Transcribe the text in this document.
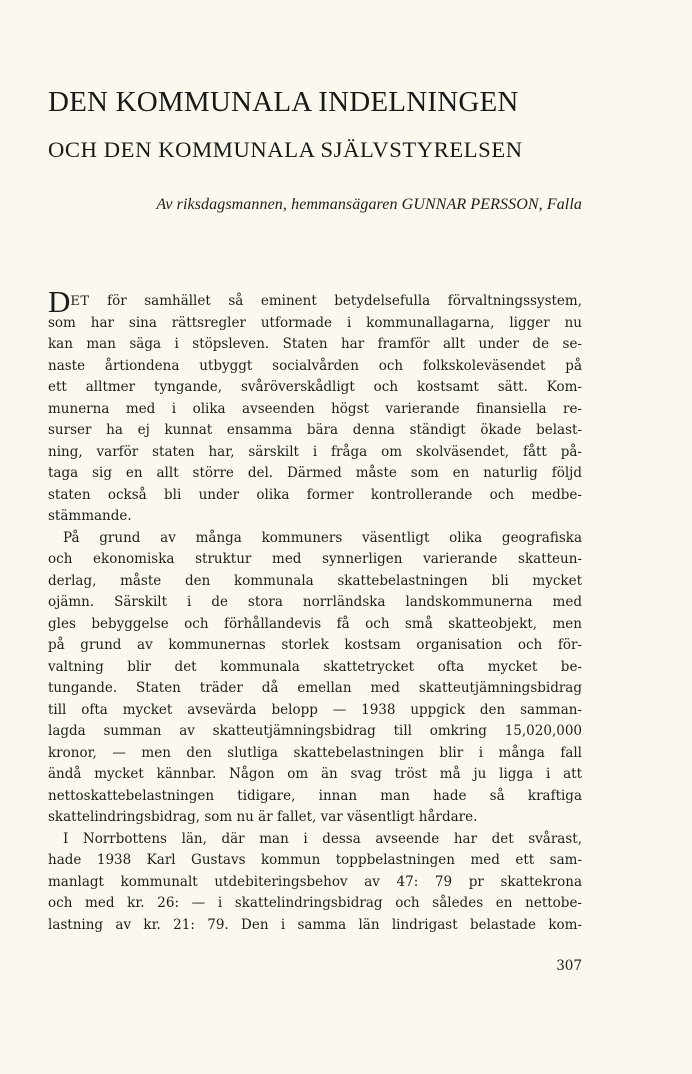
DEN KOMMUNALA INDELNINGEN
OCH DEN KOMMUNALA SJÄLVSTYRELSEN
Av riksdagsmannen, hemmansägaren GUNNAR PERSSON, Falla
DET för samhället så eminent betydelsefulla förvaltningssystem,
som har sina rättsregler utformade i kommunallagarna, ligger nu
kan man säga i stöpsleven. Staten har framför allt under de se-
naste årtiondena utbyggt socialvården och folkskoleväsendet på
ett alltmer tyngande, svåröverskådligt och kostsamt sätt. Kom-
munerna med i olika avseenden högst varierande finansiella re-
surser ha ej kunnat ensamma bära denna ständigt ökade belast-
ning, varför staten har, särskilt i fråga om skolväsendet, fått på-
taga sig en allt större del. Därmed måste som en naturlig följd
staten också bli under olika former kontrollerande och medbe-
stämmande.
På grund av många kommuners väsentligt olika geografiska
och ekonomiska struktur med synnerligen varierande skatteun-
derlag, måste den kommunala skattebelastningen bli mycket
ojämn. Särskilt i de stora norrländska landskommunerna med
gles bebyggelse och förhållandevis få och små skatteobjekt, men
på grund av kommunernas storlek kostsam organisation och för-
valtning blir det kommunala skattetrycket ofta mycket be-
tungande. Staten träder då emellan med skatteutjämningsbidrag
till ofta mycket avsevärda belopp — 1938 uppgick den samman-
lagda summan av skatteutjämningsbidrag till omkring 15,020,000
kronor, — men den slutliga skattebelastningen blir i många fall
ändå mycket kännbar. Någon om än svag tröst må ju ligga i att
nettoskattebelastningen tidigare, innan man hade så kraftiga
skattelindringsbidrag, som nu är fallet, var väsentligt hårdare.
I Norrbottens län, där man i dessa avseende har det svårast,
hade 1938 Karl Gustavs kommun toppbelastningen med ett sam-
manlagt kommunalt utdebiteringsbehov av 47: 79 pr skattekrona
och med kr. 26: — i skattelindringsbidrag och således en nettobe-
lastning av kr. 21: 79. Den i samma län lindrigast belastade kom-
307
